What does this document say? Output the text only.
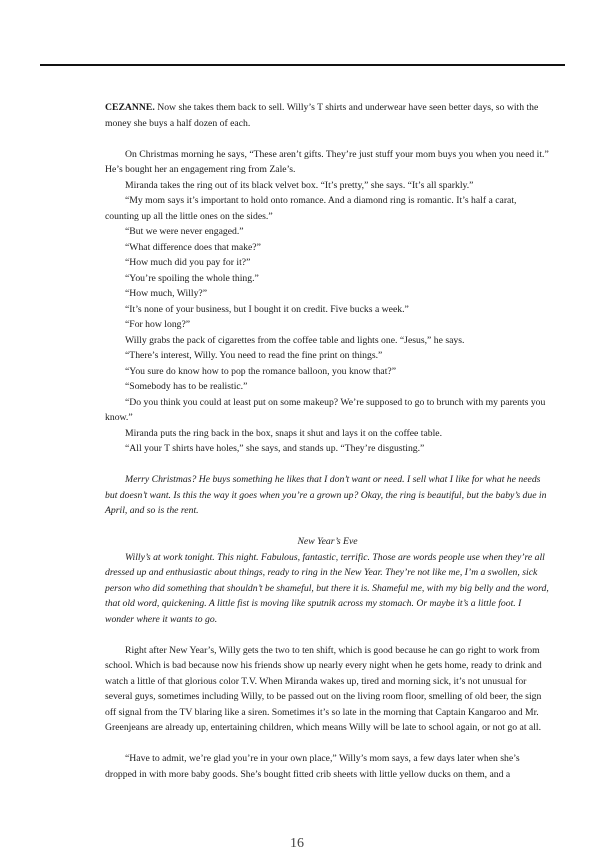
CEZANNE. Now she takes them back to sell. Willy’s T shirts and underwear have seen better days, so with the money she buys a half dozen of each.

On Christmas morning he says, “These aren’t gifts. They’re just stuff your mom buys you when you need it.” He’s bought her an engagement ring from Zale’s.

Miranda takes the ring out of its black velvet box. “It’s pretty,” she says. “It’s all sparkly.”

“My mom says it’s important to hold onto romance. And a diamond ring is romantic. It’s half a carat, counting up all the little ones on the sides.”

“But we were never engaged.”

“What difference does that make?”

“How much did you pay for it?”

“You’re spoiling the whole thing.”

“How much, Willy?”

“It’s none of your business, but I bought it on credit. Five bucks a week.”

“For how long?”

Willy grabs the pack of cigarettes from the coffee table and lights one. “Jesus,” he says.

“There’s interest, Willy. You need to read the fine print on things.”

“You sure do know how to pop the romance balloon, you know that?”

“Somebody has to be realistic.”

“Do you think you could at least put on some makeup? We’re supposed to go to brunch with my parents you know.”

Miranda puts the ring back in the box, snaps it shut and lays it on the coffee table.

“All your T shirts have holes,” she says, and stands up. “They’re disgusting.”

Merry Christmas? He buys something he likes that I don’t want or need. I sell what I like for what he needs but doesn’t want. Is this the way it goes when you’re a grown up? Okay, the ring is beautiful, but the baby’s due in April, and so is the rent.

New Year’s Eve

Willy’s at work tonight. This night. Fabulous, fantastic, terrific. Those are words people use when they’re all dressed up and enthusiastic about things, ready to ring in the New Year. They’re not like me, I’m a swollen, sick person who did something that shouldn’t be shameful, but there it is. Shameful me, with my big belly and the word, that old word, quickening. A little fist is moving like sputnik across my stomach. Or maybe it’s a little foot. I wonder where it wants to go.

Right after New Year’s, Willy gets the two to ten shift, which is good because he can go right to work from school. Which is bad because now his friends show up nearly every night when he gets home, ready to drink and watch a little of that glorious color T.V. When Miranda wakes up, tired and morning sick, it’s not unusual for several guys, sometimes including Willy, to be passed out on the living room floor, smelling of old beer, the sign off signal from the TV blaring like a siren. Sometimes it’s so late in the morning that Captain Kangaroo and Mr. Greenjeans are already up, entertaining children, which means Willy will be late to school again, or not go at all.

“Have to admit, we’re glad you’re in your own place,” Willy’s mom says, a few days later when she’s dropped in with more baby goods. She’s bought fitted crib sheets with little yellow ducks on them, and a

16
